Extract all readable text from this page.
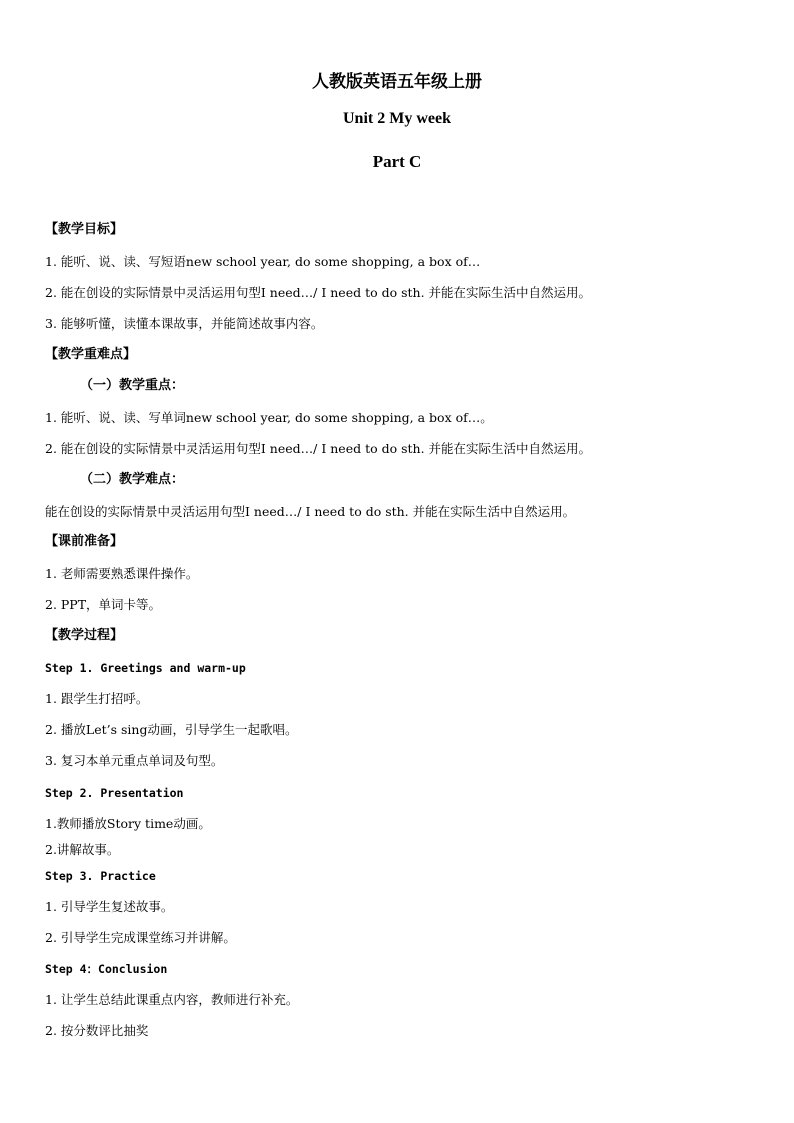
人教版英语五年级上册
Unit 2 My week
Part C
【教学目标】
1. 能听、说、读、写短语new school year, do some shopping, a box of…
2. 能在创设的实际情景中灵活运用句型I need…/ I need to do sth. 并能在实际生活中自然运用。
3. 能够听懂，读懂本课故事，并能简述故事内容。
【教学重难点】
（一）教学重点：
1. 能听、说、读、写单词new school year, do some shopping, a box of…。
2. 能在创设的实际情景中灵活运用句型I need…/ I need to do sth. 并能在实际生活中自然运用。
（二）教学难点：
能在创设的实际情景中灵活运用句型I need…/ I need to do sth. 并能在实际生活中自然运用。
【课前准备】
1. 老师需要熟悉课件操作。
2. PPT，单词卡等。
【教学过程】
Step 1. Greetings and warm-up
1. 跟学生打招呼。
2. 播放Let’s sing动画，引导学生一起歌唱。
3. 复习本单元重点单词及句型。
Step 2. Presentation
1.教师播放Story time动画。
2.讲解故事。
Step 3. Practice
1. 引导学生复述故事。
2. 引导学生完成课堂练习并讲解。
Step 4：Conclusion
1. 让学生总结此课重点内容，教师进行补充。
2. 按分数评比抽奖
